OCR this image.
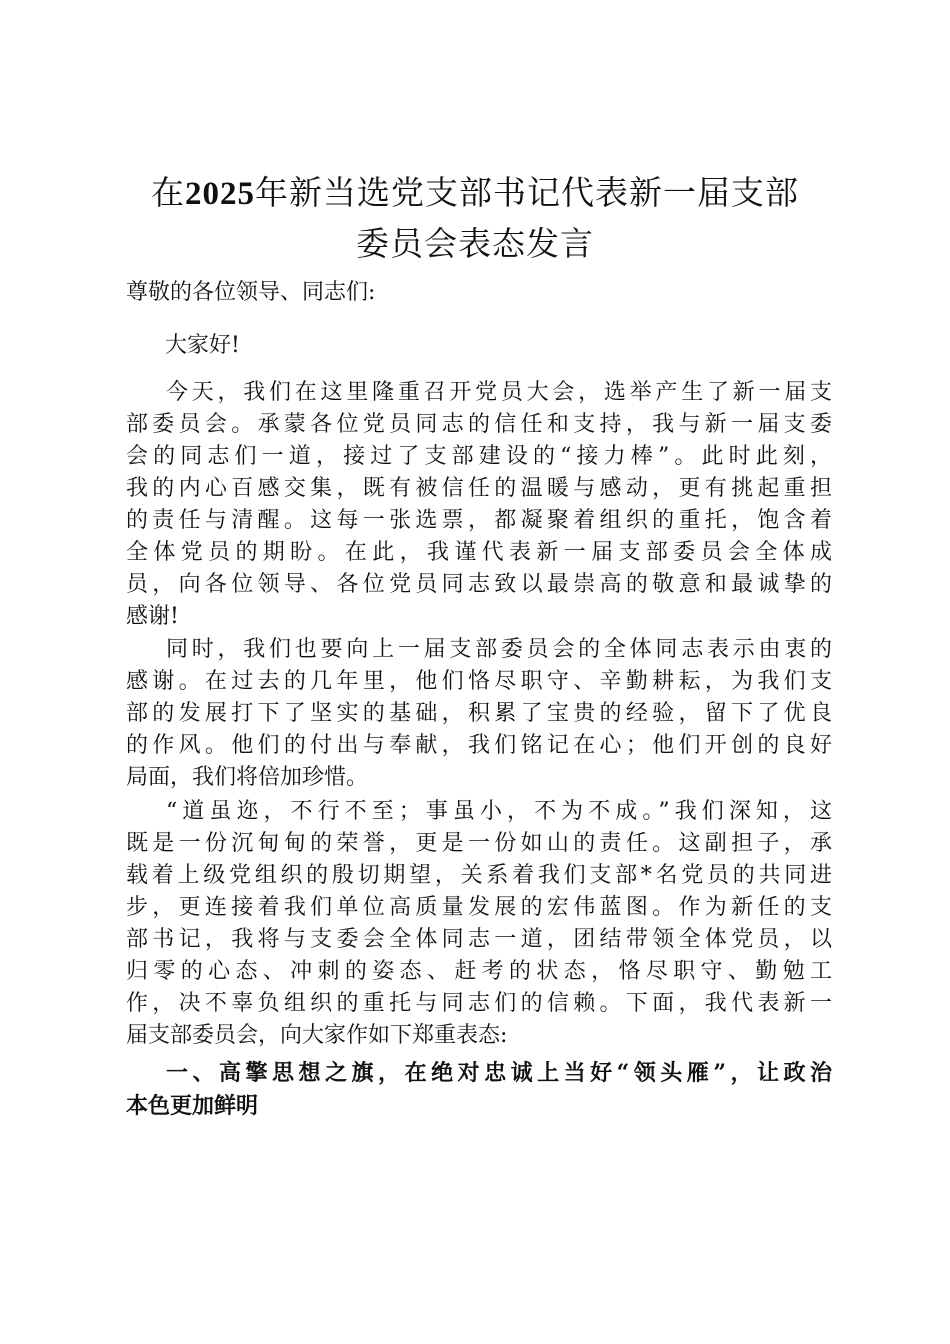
在2025年新当选党支部书记代表新一届支部
委员会表态发言

尊敬的各位领导、同志们:

大家好!

今天，我们在这里隆重召开党员大会，选举产生了新一届支
部委员会。承蒙各位党员同志的信任和支持，我与新一届支委
会的同志们一道，接过了支部建设的“接力棒”。此时此刻，
我的内心百感交集，既有被信任的温暖与感动，更有挑起重担
的责任与清醒。这每一张选票，都凝聚着组织的重托，饱含着
全体党员的期盼。在此，我谨代表新一届支部委员会全体成
员，向各位领导、各位党员同志致以最崇高的敬意和最诚挚的
感谢!
同时，我们也要向上一届支部委员会的全体同志表示由衷的
感谢。在过去的几年里，他们恪尽职守、辛勤耕耘，为我们支
部的发展打下了坚实的基础，积累了宝贵的经验，留下了优良
的作风。他们的付出与奉献，我们铭记在心；他们开创的良好
局面，我们将倍加珍惜。
“道虽迩，不行不至；事虽小，不为不成。”我们深知，这
既是一份沉甸甸的荣誉，更是一份如山的责任。这副担子，承
载着上级党组织的殷切期望，关系着我们支部*名党员的共同进
步，更连接着我们单位高质量发展的宏伟蓝图。作为新任的支
部书记，我将与支委会全体同志一道，团结带领全体党员，以
归零的心态、冲刺的姿态、赶考的状态，恪尽职守、勤勉工
作，决不辜负组织的重托与同志们的信赖。下面，我代表新一
届支部委员会，向大家作如下郑重表态:
一、高擎思想之旗，在绝对忠诚上当好“领头雁”，让政治
本色更加鲜明
